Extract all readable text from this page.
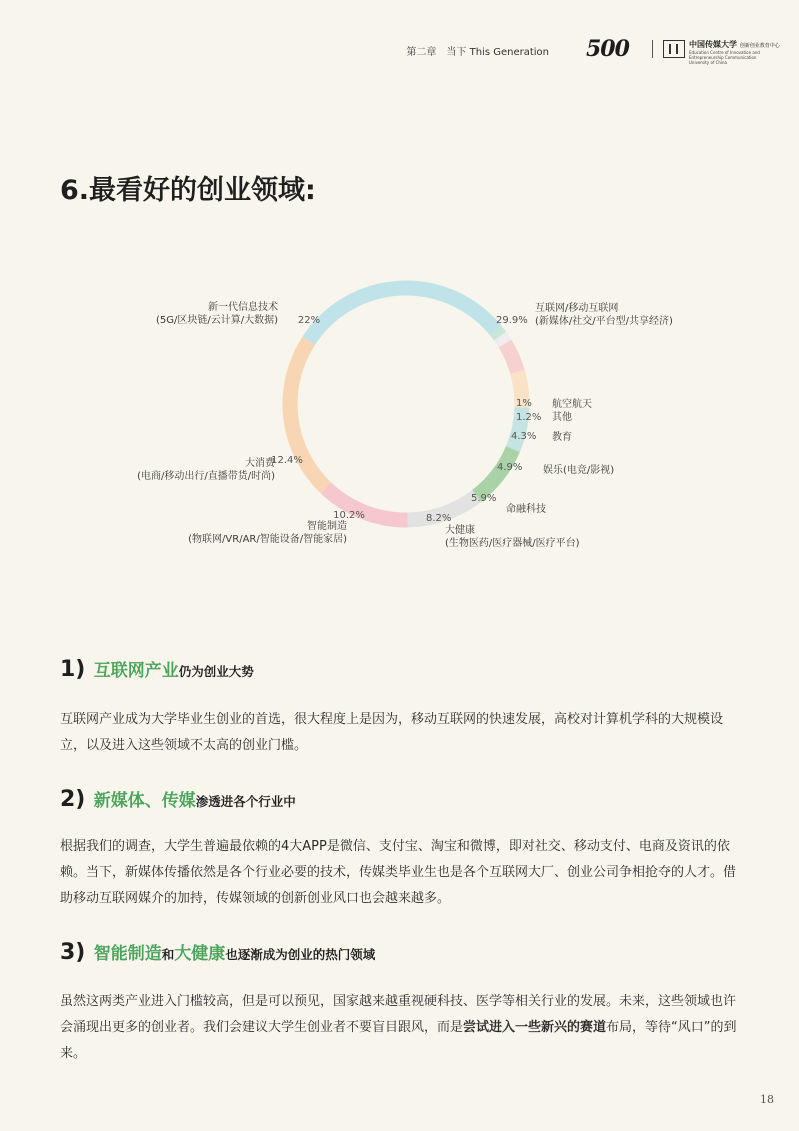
第二章　当下 This Generation 500	中国传媒大学 创新创业教育中心
Education Centre of Innovation and Entrepreneurship Communication University of China
6.最看好的创业领域:
互联网/移动互联网
(新媒体/社交/平台型/共享经济)
29.9%
航空航天
1%
其他
1.2%
教育
4.3%
娱乐(电竞/影视)
4.9%
命融科技
5.9%
大健康
(生物医药/医疗器械/医疗平台)
8.2%
智能制造
(物联网/VR/AR/智能设备/智能家居)
10.2%
大消费
(电商/移动出行/直播带货/时尚)
12.4%
新一代信息技术
(5G/区块链/云计算/大数据) 22%
1) 互联网产业仍为创业大势

互联网产业成为大学毕业生创业的首选，很大程度上是因为，移动互联网的快速发展，高校对计算机学科的大规模设立，以及进入这些领域不太高的创业门槛。

2) 新媒体、传媒渗透进各个行业中

根据我们的调查，大学生普遍最依赖的4大APP是微信、支付宝、淘宝和微博，即对社交、移动支付、电商及资讯的依赖。当下，新媒体传播依然是各个行业必要的技术，传媒类毕业生也是各个互联网大厂、创业公司争相抢夺的人才。借助移动互联网媒介的加持，传媒领域的创新创业风口也会越来越多。

3) 智能制造和大健康也逐渐成为创业的热门领域

虽然这两类产业进入门槛较高，但是可以预见，国家越来越重视硬科技、医学等相关行业的发展。未来，这些领域也许会涌现出更多的创业者。我们会建议大学生创业者不要盲目跟风，而是尝试进入一些新兴的赛道布局，等待“风口”的到来。

18
